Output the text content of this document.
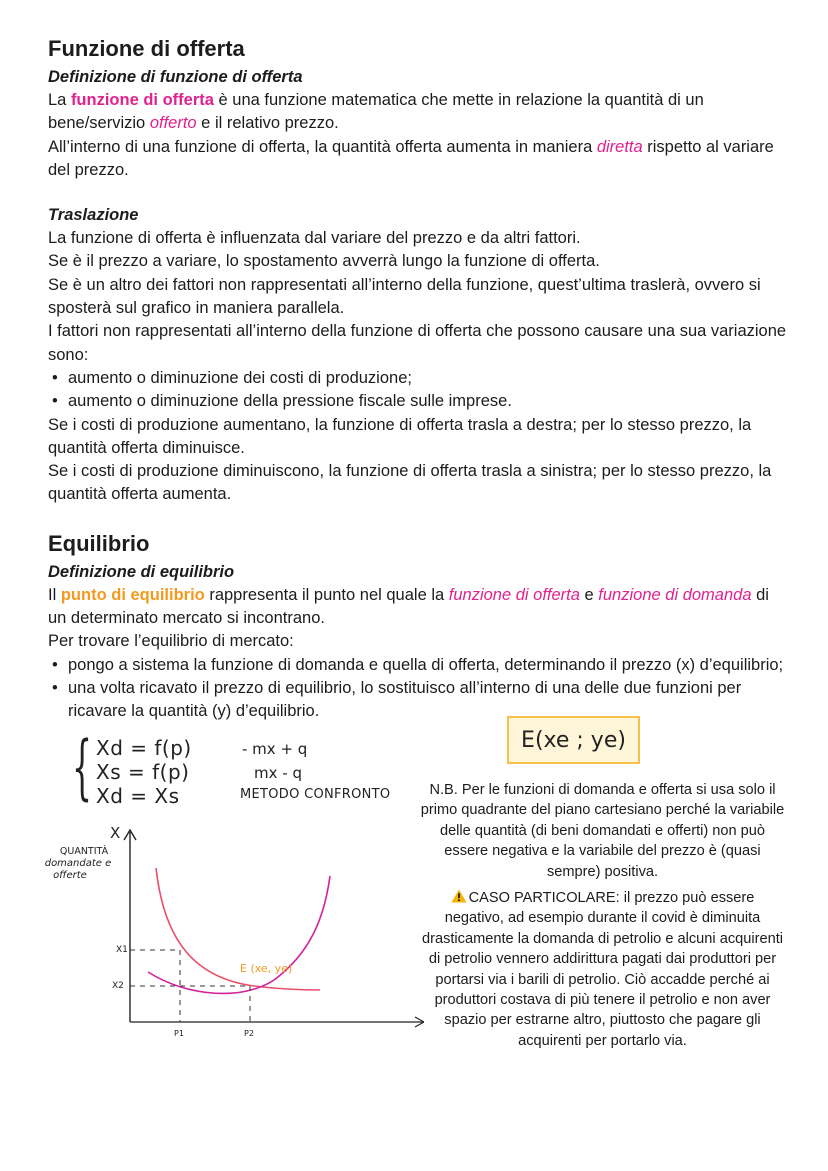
Funzione di offerta
Definizione di funzione di offerta

La funzione di offerta è una funzione matematica che mette in relazione la quantità di un bene/servizio offerto e il relativo prezzo.

All’interno di una funzione di offerta, la quantità offerta aumenta in maniera diretta rispetto al variare del prezzo.

Traslazione

La funzione di offerta è influenzata dal variare del prezzo e da altri fattori.

Se è il prezzo a variare, lo spostamento avverrà lungo la funzione di offerta.

Se è un altro dei fattori non rappresentati all’interno della funzione, quest’ultima traslerà, ovvero si sposterà sul grafico in maniera parallela.

I fattori non rappresentati all’interno della funzione di offerta che possono causare una sua variazione sono:

• aumento o diminuzione dei costi di produzione;
• aumento o diminuzione della pressione fiscale sulle imprese.

Se i costi di produzione aumentano, la funzione di offerta trasla a destra; per lo stesso prezzo, la quantità offerta diminuisce.

Se i costi di produzione diminuiscono, la funzione di offerta trasla a sinistra; per lo stesso prezzo, la quantità offerta aumenta.

Equilibrio
Definizione di equilibrio

Il punto di equilibrio rappresenta il punto nel quale la funzione di offerta e funzione di domanda di un determinato mercato si incontrano.

Per trovare l’equilibrio di mercato:

• pongo a sistema la funzione di domanda e quella di offerta, determinando il prezzo (x) d’equilibrio;
• una volta ricavato il prezzo di equilibrio, lo sostituisco all’interno di una delle due funzioni per ricavare la quantità (y) d’equilibrio.
{ Xd = f(p)
Xs = f(p)
Xd = Xs
- mx + q
mx - q
METODO CONFRONTO
E(xe ; ye)
N.B. Per le funzioni di domanda e offerta si usa solo il primo quadrante del piano cartesiano perché la variabile delle quantità (di beni domandati e offerti) non può essere negativa e la variabile del prezzo è (quasi sempre) positiva.
CASO PARTICOLARE: il prezzo può essere negativo, ad esempio durante il covid è diminuita drasticamente la domanda di petrolio e alcuni acquirenti di petrolio vennero addirittura pagati dai produttori per portarsi via i barili di petrolio. Ciò accadde perché ai produttori costava di più tenere il petrolio e non aver spazio per estrarne altro, piuttosto che pagare gli acquirenti per portarlo via.
X
QUANTITÀ
domandate e
offerte
X1
X2
P1	P2
E (xe, ye)
